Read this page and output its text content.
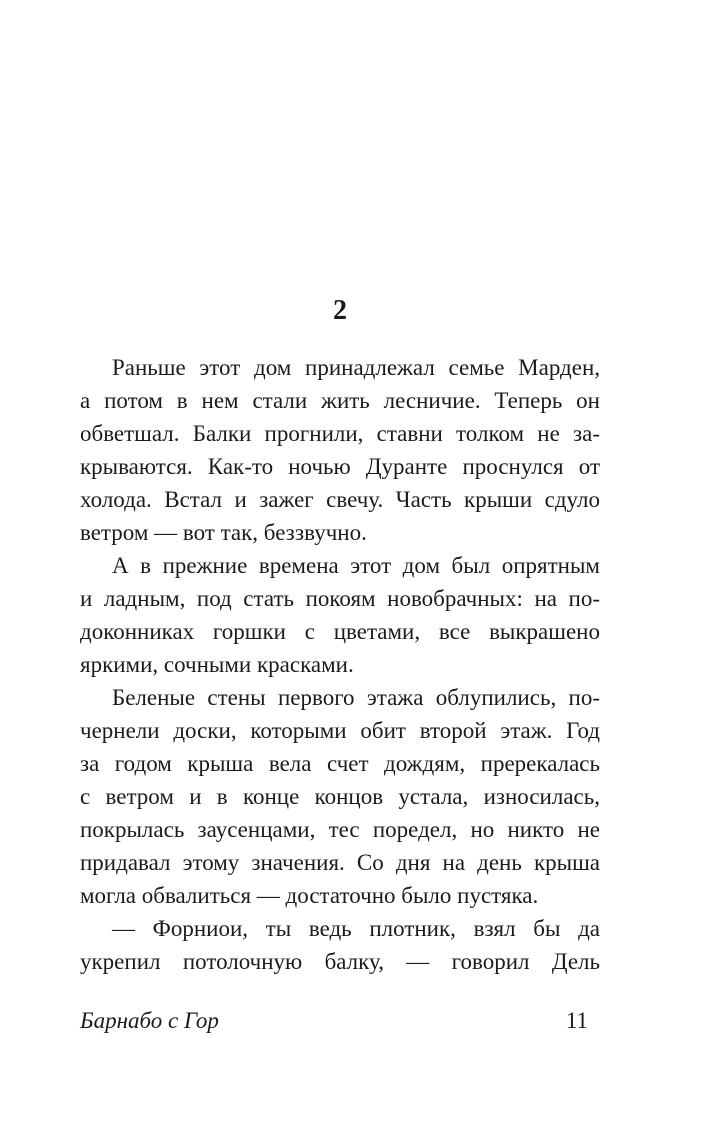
2
Раньше этот дом принадлежал семье Марден,
а потом в нем стали жить лесничие. Теперь он
обветшал. Балки прогнили, ставни толком не за-
крываются. Как-то ночью Дуранте проснулся от
холода. Встал и зажег свечу. Часть крыши сдуло
ветром — вот так, беззвучно.
А в прежние времена этот дом был опрятным
и ладным, под стать покоям новобрачных: на по-
доконниках горшки с цветами, все выкрашено
яркими, сочными красками.
Беленые стены первого этажа облупились, по-
чернели доски, которыми обит второй этаж. Год
за годом крыша вела счет дождям, пререкалась
с ветром и в конце концов устала, износилась,
покрылась заусенцами, тес поредел, но никто не
придавал этому значения. Со дня на день крыша
могла обвалиться — достаточно было пустяка.
— Форниои, ты ведь плотник, взял бы да
укрепил потолочную балку, — говорил Дель
Барнабо с Гор	11
